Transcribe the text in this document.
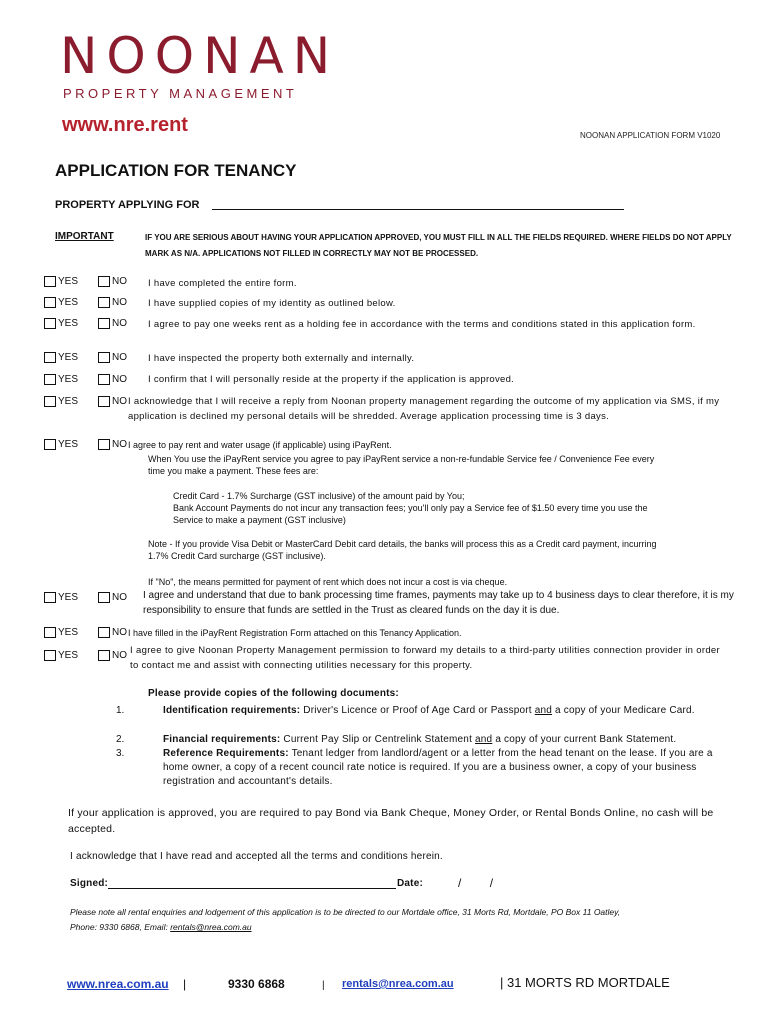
NOONAN
PROPERTY MANAGEMENT
www.nre.rent	NOONAN APPLICATION FORM V1020
APPLICATION FOR TENANCY
PROPERTY APPLYING FOR
IMPORTANT	IF YOU ARE SERIOUS ABOUT HAVING YOUR APPLICATION APPROVED, YOU MUST FILL IN ALL THE FIELDS REQUIRED. WHERE FIELDS DO NOT APPLY MARK AS N/A. APPLICATIONS NOT FILLED IN CORRECTLY MAY NOT BE PROCESSED.
YES	NO I have completed the entire form.
YES	NO I have supplied copies of my identity as outlined below.
YES	NO I agree to pay one weeks rent as a holding fee in accordance with the terms and conditions stated in this application form.
YES	NO I have inspected the property both externally and internally.
YES	NO I confirm that I will personally reside at the property if the application is approved.
YES	NO I acknowledge that I will receive a reply from Noonan property management regarding the outcome of my application via SMS, if my application is declined my personal details will be shredded. Average application processing time is 3 days.
YES	NO I agree to pay rent and water usage (if applicable) using iPayRent.
When You use the iPayRent service you agree to pay iPayRent service a non-re-fundable Service fee / Convenience Fee every time you make a payment. These fees are:
Credit Card - 1.7% Surcharge (GST inclusive) of the amount paid by You;
Bank Account Payments do not incur any transaction fees; you'll only pay a Service fee of $1.50 every time you use the Service to make a payment (GST inclusive)
Note - If you provide Visa Debit or MasterCard Debit card details, the banks will process this as a Credit card payment, incurring 1.7% Credit Card surcharge (GST inclusive).
If "No", the means permitted for payment of rent which does not incur a cost is via cheque.
YES	NO I agree and understand that due to bank processing time frames, payments may take up to 4 business days to clear therefore, it is my responsibility to ensure that funds are settled in the Trust as cleared funds on the day it is due.
YES	NO I have filled in the iPayRent Registration Form attached on this Tenancy Application.
YES	NO I agree to give Noonan Property Management permission to forward my details to a third-party utilities connection provider in order to contact me and assist with connecting utilities necessary for this property.
Please provide copies of the following documents:
1.	Identification requirements: Driver's Licence or Proof of Age Card or Passport and a copy of your Medicare Card.
2.	Financial requirements: Current Pay Slip or Centrelink Statement and a copy of your current Bank Statement.
3.	Reference Requirements: Tenant ledger from landlord/agent or a letter from the head tenant on the lease. If you are a home owner, a copy of a recent council rate notice is required. If you are a business owner, a copy of your business registration and accountant's details.
If your application is approved, you are required to pay Bond via Bank Cheque, Money Order, or Rental Bonds Online, no cash will be accepted.
I acknowledge that I have read and accepted all the terms and conditions herein.
Signed:	Date:	/        /
Please note all rental enquiries and lodgement of this application is to be directed to our Mortdale office, 31 Morts Rd, Mortdale, PO Box 11 Oatley, Phone: 9330 6868, Email: rentals@nrea.com.au
www.nrea.com.au |	9330 6868	| rentals@nrea.com.au	| 31 MORTS RD MORTDALE
